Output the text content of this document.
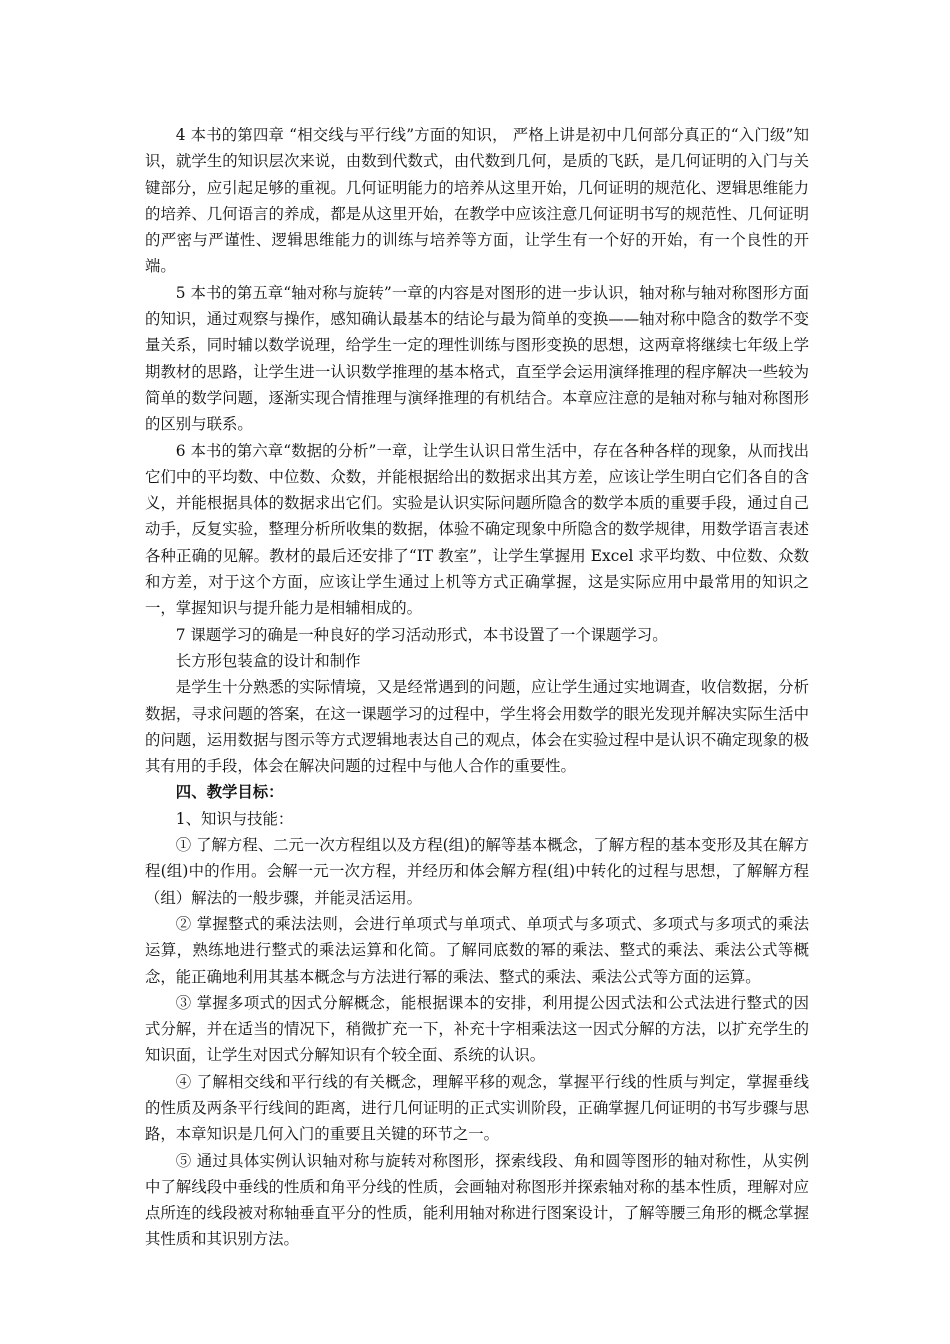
4 本书的第四章 “相交线与平行线”方面的知识， 严格上讲是初中几何部分真正的“入门级”知识，就学生的知识层次来说，由数到代数式，由代数到几何，是质的飞跃，是几何证明的入门与关键部分，应引起足够的重视。几何证明能力的培养从这里开始，几何证明的规范化、逻辑思维能力的培养、几何语言的养成，都是从这里开始，在教学中应该注意几何证明书写的规范性、几何证明的严密与严谨性、逻辑思维能力的训练与培养等方面，让学生有一个好的开始，有一个良性的开端。

5 本书的第五章“轴对称与旋转”一章的内容是对图形的进一步认识，轴对称与轴对称图形方面的知识，通过观察与操作，感知确认最基本的结论与最为简单的变换——轴对称中隐含的数学不变量关系，同时辅以数学说理，给学生一定的理性训练与图形变换的思想，这两章将继续七年级上学期教材的思路，让学生进一认识数学推理的基本格式，直至学会运用演绎推理的程序解决一些较为简单的数学问题，逐渐实现合情推理与演绎推理的有机结合。本章应注意的是轴对称与轴对称图形的区别与联系。

6 本书的第六章“数据的分析”一章，让学生认识日常生活中，存在各种各样的现象，从而找出它们中的平均数、中位数、众数，并能根据给出的数据求出其方差，应该让学生明白它们各自的含义，并能根据具体的数据求出它们。实验是认识实际问题所隐含的数学本质的重要手段，通过自己动手，反复实验，整理分析所收集的数据，体验不确定现象中所隐含的数学规律，用数学语言表述各种正确的见解。教材的最后还安排了“IT 教室”，让学生掌握用 Excel 求平均数、中位数、众数和方差，对于这个方面，应该让学生通过上机等方式正确掌握，这是实际应用中最常用的知识之一，掌握知识与提升能力是相辅相成的。

7 课题学习的确是一种良好的学习活动形式，本书设置了一个课题学习。

长方形包装盒的设计和制作

是学生十分熟悉的实际情境，又是经常遇到的问题，应让学生通过实地调查，收信数据，分析数据，寻求问题的答案，在这一课题学习的过程中，学生将会用数学的眼光发现并解决实际生活中的问题，运用数据与图示等方式逻辑地表达自己的观点，体会在实验过程中是认识不确定现象的极其有用的手段，体会在解决问题的过程中与他人合作的重要性。

四、教学目标：

1、知识与技能：

① 了解方程、二元一次方程组以及方程(组)的解等基本概念，了解方程的基本变形及其在解方程(组)中的作用。会解一元一次方程，并经历和体会解方程(组)中转化的过程与思想，了解解方程（组）解法的一般步骤，并能灵活运用。

② 掌握整式的乘法法则，会进行单项式与单项式、单项式与多项式、多项式与多项式的乘法运算，熟练地进行整式的乘法运算和化简。了解同底数的幂的乘法、整式的乘法、乘法公式等概念，能正确地利用其基本概念与方法进行幂的乘法、整式的乘法、乘法公式等方面的运算。

③ 掌握多项式的因式分解概念，能根据课本的安排，利用提公因式法和公式法进行整式的因式分解，并在适当的情况下，稍微扩充一下，补充十字相乘法这一因式分解的方法，以扩充学生的知识面，让学生对因式分解知识有个较全面、系统的认识。

④ 了解相交线和平行线的有关概念，理解平移的观念，掌握平行线的性质与判定，掌握垂线的性质及两条平行线间的距离，进行几何证明的正式实训阶段，正确掌握几何证明的书写步骤与思路，本章知识是几何入门的重要且关键的环节之一。

⑤ 通过具体实例认识轴对称与旋转对称图形，探索线段、角和圆等图形的轴对称性，从实例中了解线段中垂线的性质和角平分线的性质，会画轴对称图形并探索轴对称的基本性质，理解对应点所连的线段被对称轴垂直平分的性质，能利用轴对称进行图案设计，了解等腰三角形的概念掌握其性质和其识别方法。
